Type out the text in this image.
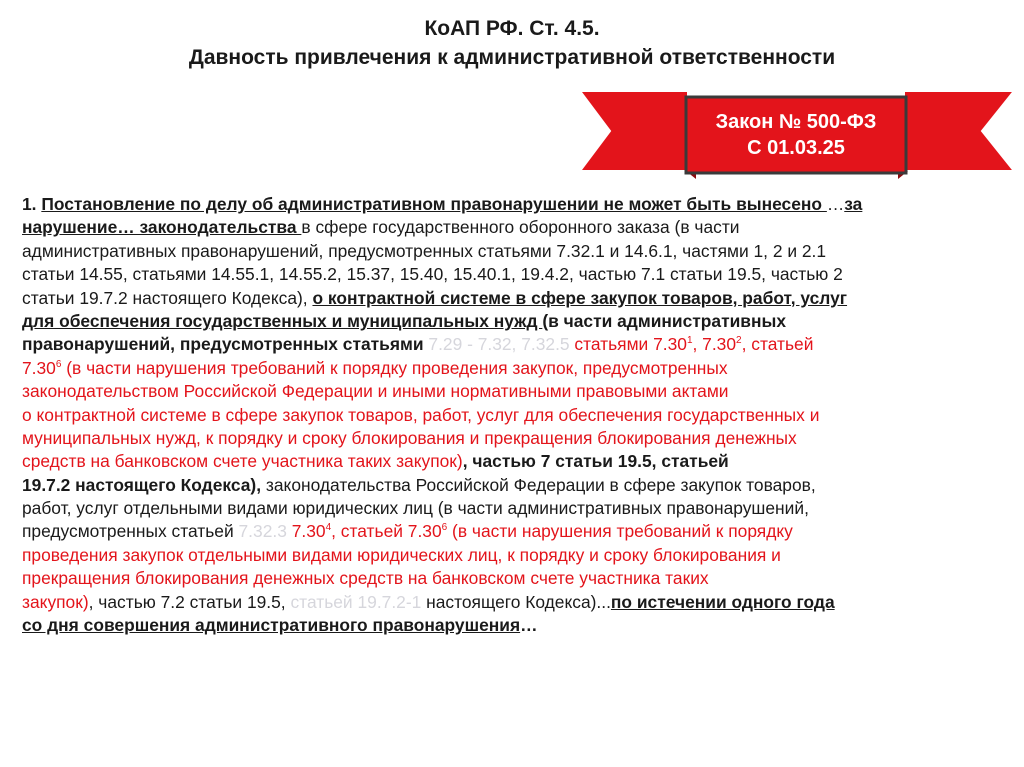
КоАП РФ. Ст. 4.5.
Давность привлечения к административной ответственности
Закон № 500-ФЗ
С 01.03.25
1. Постановление по делу об административном правонарушении не может быть вынесено …за
нарушение… законодательства в сфере государственного оборонного заказа (в части
административных правонарушений, предусмотренных статьями 7.32.1 и 14.6.1, частями 1, 2 и 2.1
статьи 14.55, статьями 14.55.1, 14.55.2, 15.37, 15.40, 15.40.1, 19.4.2, частью 7.1 статьи 19.5, частью 2
статьи 19.7.2 настоящего Кодекса), о контрактной системе в сфере закупок товаров, работ, услуг
для обеспечения государственных и муниципальных нужд (в части административных
правонарушений, предусмотренных статьями 7.29 - 7.32, 7.32.5 статьями 7.30$^1$, 7.30$^2$, статьей
7.30$^6$ (в части нарушения требований к порядку проведения закупок, предусмотренных
законодательством Российской Федерации и иными нормативными правовыми актами
о контрактной системе в сфере закупок товаров, работ, услуг для обеспечения государственных и
муниципальных нужд, к порядку и сроку блокирования и прекращения блокирования денежных
средств на банковском счете участника таких закупок), частью 7 статьи 19.5, статьей
19.7.2 настоящего Кодекса), законодательства Российской Федерации в сфере закупок товаров,
работ, услуг отдельными видами юридических лиц (в части административных правонарушений,
предусмотренных статьей 7.32.3 7.30$^4$, статьей 7.30$^6$ (в части нарушения требований к порядку
проведения закупок отдельными видами юридических лиц, к порядку и сроку блокирования и
прекращения блокирования денежных средств на банковском счете участника таких
закупок), частью 7.2 статьи 19.5, статьей 19.7.2-1 настоящего Кодекса)...по истечении одного года
со дня совершения административного правонарушения…
